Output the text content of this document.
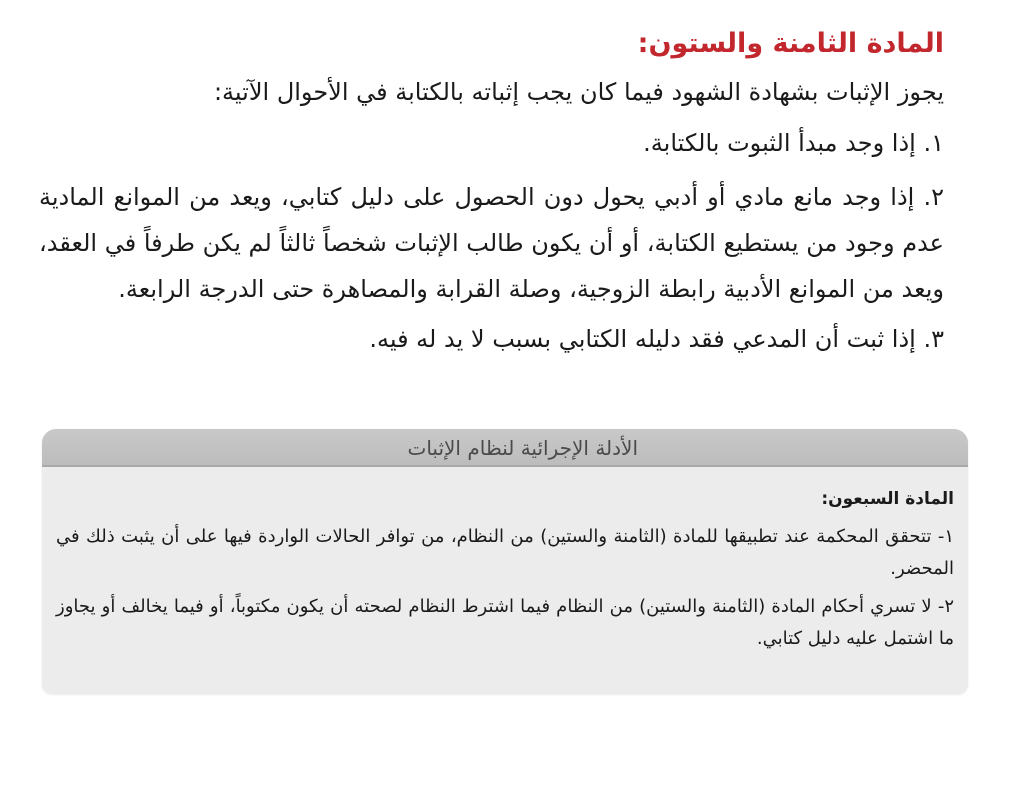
المادة الثامنة والستون:

يجوز الإثبات بشهادة الشهود فيما كان يجب إثباته بالكتابة في الأحوال الآتية:

١. إذا وجد مبدأ الثبوت بالكتابة.

٢. إذا وجد مانع مادي أو أدبي يحول دون الحصول على دليل كتابي، ويعد من الموانع المادية عدم وجود من يستطيع الكتابة، أو أن يكون طالب الإثبات شخصاً ثالثاً لم يكن طرفاً في العقد، ويعد من الموانع الأدبية رابطة الزوجية، وصلة القرابة والمصاهرة حتى الدرجة الرابعة.

٣. إذا ثبت أن المدعي فقد دليله الكتابي بسبب لا يد له فيه.

الأدلة الإجرائية لنظام الإثبات

المادة السبعون:

١- تتحقق المحكمة عند تطبيقها للمادة (الثامنة والستين) من النظام، من توافر الحالات الواردة فيها على أن يثبت ذلك في المحضر.

٢- لا تسري أحكام المادة (الثامنة والستين) من النظام فيما اشترط النظام لصحته أن يكون مكتوباً، أو فيما يخالف أو يجاوز ما اشتمل عليه دليل كتابي.
